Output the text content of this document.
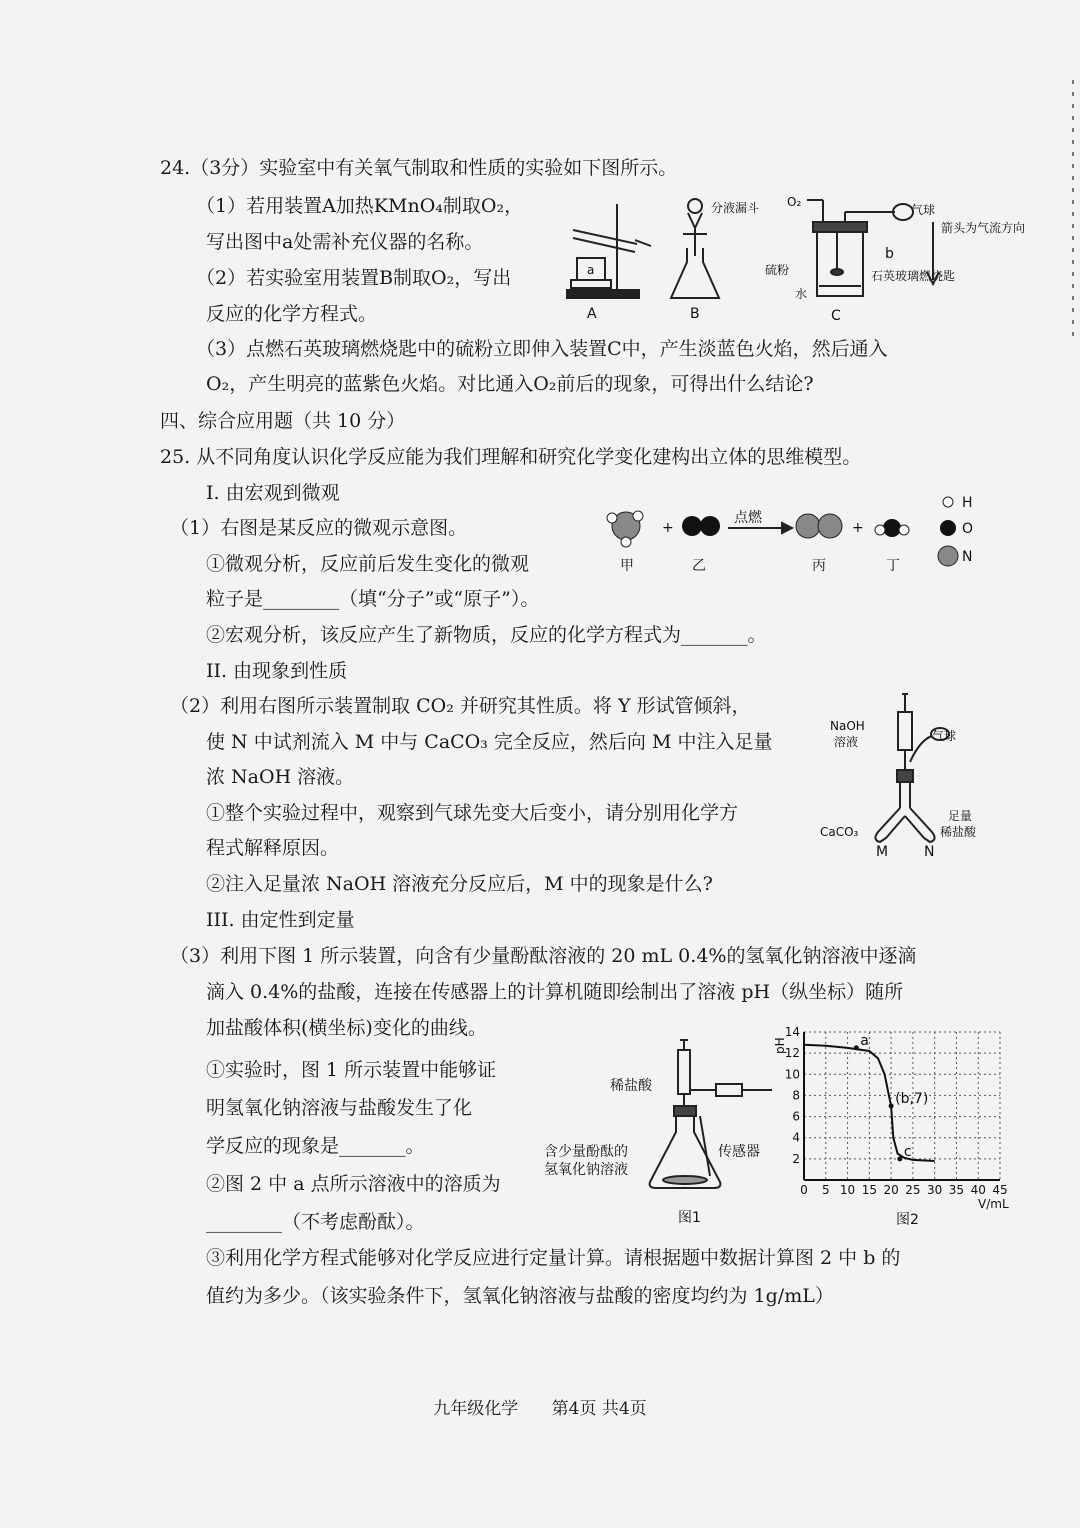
24.（3分）实验室中有关氧气制取和性质的实验如下图所示。
（1）若用装置A加热KMnO₄制取O₂，
写出图中a处需补充仪器的名称。
（2）若实验室用装置B制取O₂，写出
反应的化学方程式。
（3）点燃石英玻璃燃烧匙中的硫粉立即伸入装置C中，产生淡蓝色火焰，然后通入
O₂，产生明亮的蓝紫色火焰。对比通入O₂前后的现象，可得出什么结论?
a
A
分液漏斗
B
O₂
气球
b
硫粉
水
石英玻璃燃烧匙
C
箭头为气流方向
四、综合应用题（共 10 分）
25. 从不同角度认识化学反应能为我们理解和研究化学变化建构出立体的思维模型。
I. 由宏观到微观
（1）右图是某反应的微观示意图。
①微观分析，反应前后发生变化的微观
粒子是________（填“分子”或“原子”）。
②宏观分析，该反应产生了新物质，反应的化学方程式为_______。
+
点燃
+
甲	乙	丙	丁
H
O
N
II. 由现象到性质
（2）利用右图所示装置制取 CO₂ 并研究其性质。将 Y 形试管倾斜，
使 N 中试剂流入 M 中与 CaCO₃ 完全反应，然后向 M 中注入足量
浓 NaOH 溶液。
①整个实验过程中，观察到气球先变大后变小，请分别用化学方
程式解释原因。
②注入足量浓 NaOH 溶液充分反应后，M 中的现象是什么?
NaOH
溶液	气球
CaCO₃
足量
稀盐酸
M	N
III. 由定性到定量
（3）利用下图 1 所示装置，向含有少量酚酞溶液的 20 mL 0.4%的氢氧化钠溶液中逐滴
滴入 0.4%的盐酸，连接在传感器上的计算机随即绘制出了溶液 pH（纵坐标）随所
加盐酸体积(横坐标)变化的曲线。
①实验时，图 1 所示装置中能够证
明氢氧化钠溶液与盐酸发生了化
学反应的现象是_______。
②图 2 中 a 点所示溶液中的溶质为
________（不考虑酚酞）。
③利用化学方程式能够对化学反应进行定量计算。请根据题中数据计算图 2 中 b 的
值约为多少。（该实验条件下，氢氧化钠溶液与盐酸的密度均约为 1g/mL）
稀盐酸
含少量酚酞的
氢氧化钠溶液
传感器
图1
0 5 10 15 20 25 30 35 40 45
2
4
6
8
10
12
14
a
(b,7)
c
pH
V/mL
图2
九年级化学 第4页 共4页
